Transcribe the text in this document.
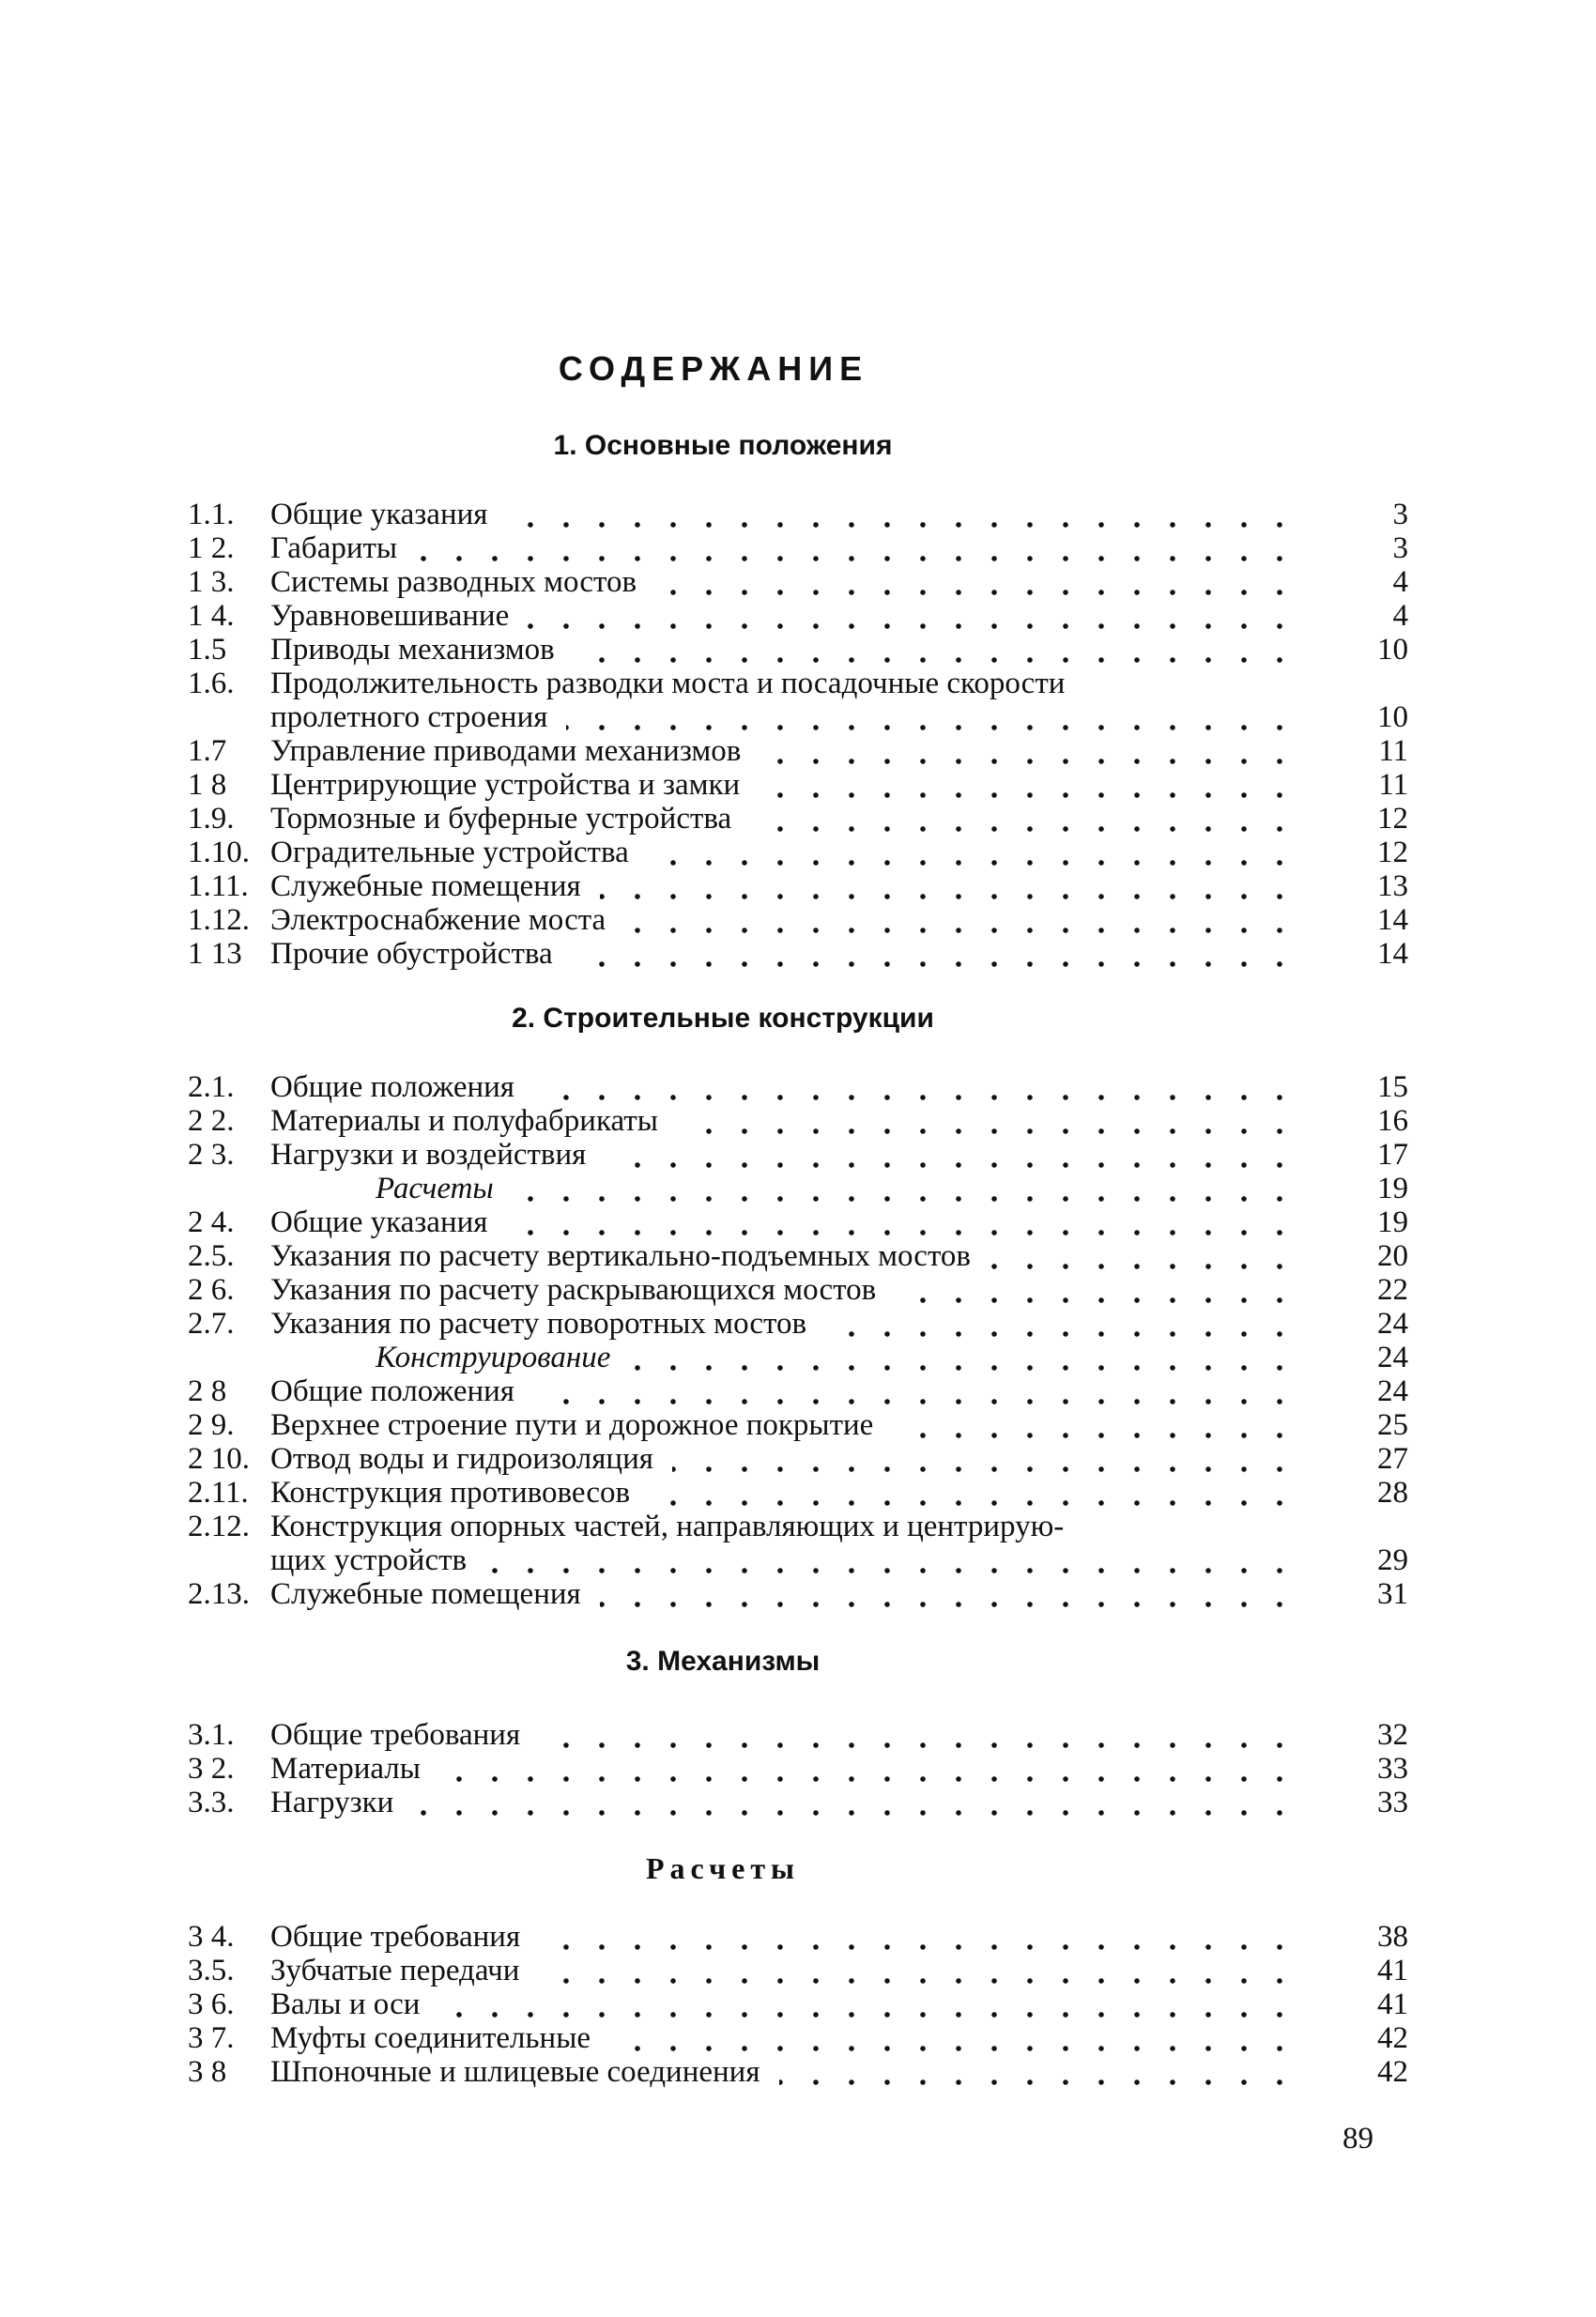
СОДЕРЖАНИЕ
1. Основные положения
1.1. Общие указания	3
1 2. Габариты	3
1 3. Системы разводных мостов	4
1 4. Уравновешивание	4
1.5 Приводы механизмов	10
1.6. Продолжительность разводки моста и посадочные скорости
пролетного строения	10
1.7 Управление приводами механизмов	11
1 8 Центрирующие устройства и замки	11
1.9. Тормозные и буферные устройства	12
1.10. Оградительные устройства	12
1.11. Служебные помещения	13
1.12. Электроснабжение моста	14
1 13 Прочие обустройства	14
2. Строительные конструкции
2.1. Общие положения	15
2 2. Материалы и полуфабрикаты	16
2 3. Нагрузки и воздействия	17
Расчеты	19
2 4. Общие указания	19
2.5. Указания по расчету вертикально-подъемных мостов	20
2 6. Указания по расчету раскрывающихся мостов	22
2.7. Указания по расчету поворотных мостов	24
Конструирование	24
2 8 Общие положения	24
2 9. Верхнее строение пути и дорожное покрытие	25
2 10. Отвод воды и гидроизоляция	27
2.11. Конструкция противовесов	28
2.12. Конструкция опорных частей, направляющих и центрирую-
щих устройств	29
2.13. Служебные помещения	31
3. Механизмы
3.1. Общие требования	32
3 2. Материалы	33
3.3. Нагрузки	33
Расчеты
3 4. Общие требования	38
3.5. Зубчатые передачи	41
3 6. Валы и оси	41
3 7. Муфты соединительные	42
3 8 Шпоночные и шлицевые соединения	42
89
